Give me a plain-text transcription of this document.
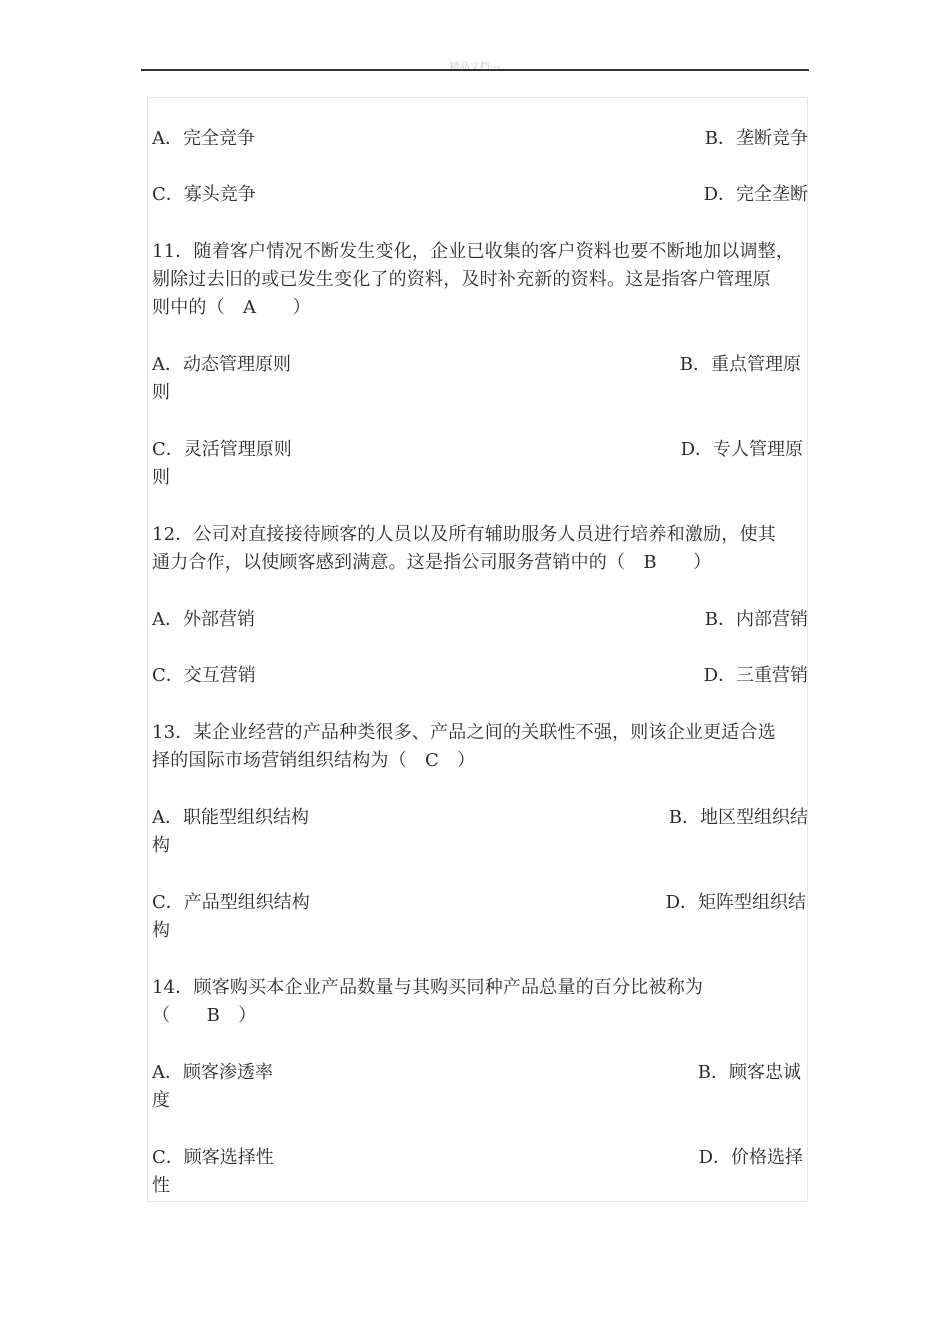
精品文档---
A．完全竞争	B．垄断竞争
C．寡头竞争	D．完全垄断
11．随着客户情况不断发生变化，企业已收集的客户资料也要不断地加以调整，
剔除过去旧的或已发生变化了的资料，及时补充新的资料。这是指客户管理原
则中的（　A　　）
A．动态管理原则	B．重点管理原
则
C．灵活管理原则	D．专人管理原
则
12．公司对直接接待顾客的人员以及所有辅助服务人员进行培养和激励，使其
通力合作，以使顾客感到满意。这是指公司服务营销中的（　B　　）
A．外部营销	B．内部营销
C．交互营销	D．三重营销
13．某企业经营的产品种类很多、产品之间的关联性不强，则该企业更适合选
择的国际市场营销组织结构为（　C　）
A．职能型组织结构	B．地区型组织结
构
C．产品型组织结构	D．矩阵型组织结
构
14．顾客购买本企业产品数量与其购买同种产品总量的百分比被称为
（　　B　）
A．顾客渗透率	B．顾客忠诚
度
C．顾客选择性	D．价格选择
性
